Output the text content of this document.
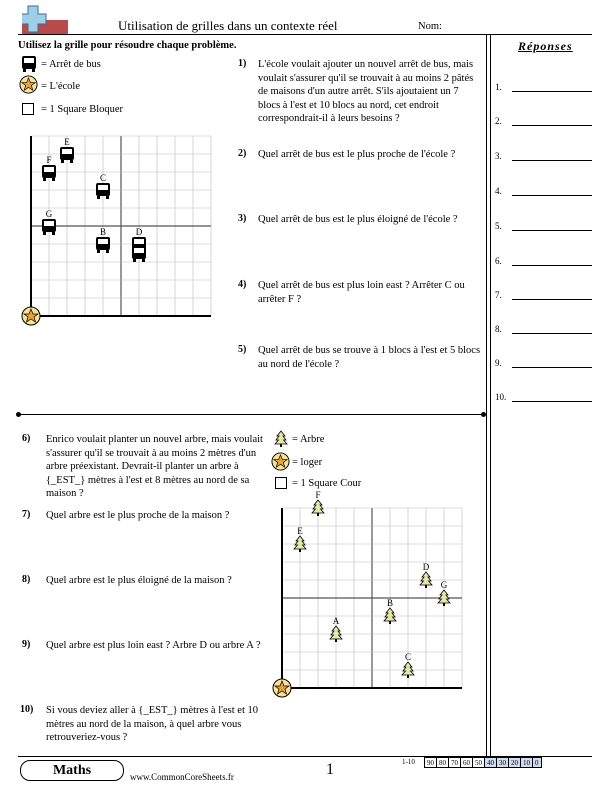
Utilisation de grilles dans un contexte réel	Nom:
Utilisez la grille pour résoudre chaque problème.	Réponses
1.
2.
3.
4.
5.
6.
7.
8.
9.
10.
= Arrêt de bus
= L'école
= 1 Square Bloquer
E
F
C
G
D
B
1) L'école voulait ajouter un nouvel arrêt de bus, mais voulait s'assurer qu'il se trouvait à au moins 2 pâtés de maisons d'un autre arrêt. S'ils ajoutaient un 7 blocs à l'est et 10 blocs au nord, cet endroit correspondrait-il à leurs besoins ?
2) Quel arrêt de bus est le plus proche de l'école ?
3) Quel arrêt de bus est le plus éloigné de l'école ?
4) Quel arrêt de bus est plus loin east ? Arrêter C ou arrêter F ?
5) Quel arrêt de bus se trouve à 1 blocs à l'est et 5 blocs au nord de l'école ?
6) Enrico voulait planter un nouvel arbre, mais voulait s'assurer qu'il se trouvait à au moins 2 mètres d'un arbre préexistant. Devrait-il planter un arbre à {_EST_} mètres à l'est et 8 mètres au nord de sa maison ?
7) Quel arbre est le plus proche de la maison ?
8) Quel arbre est le plus éloigné de la maison ?
9) Quel arbre est plus loin east ? Arbre D ou arbre A ?
10) Si vous deviez aller à {_EST_} mètres à l'est et 10 mètres au nord de la maison, à quel arbre vous retrouveriez-vous ?
= Arbre
= loger
= 1 Square Cour
F
E
D
G
B
A
C
Maths	www.CommonCoreSheets.fr	1	1-10 90	80	70	60	50	40	30	20	10	0
